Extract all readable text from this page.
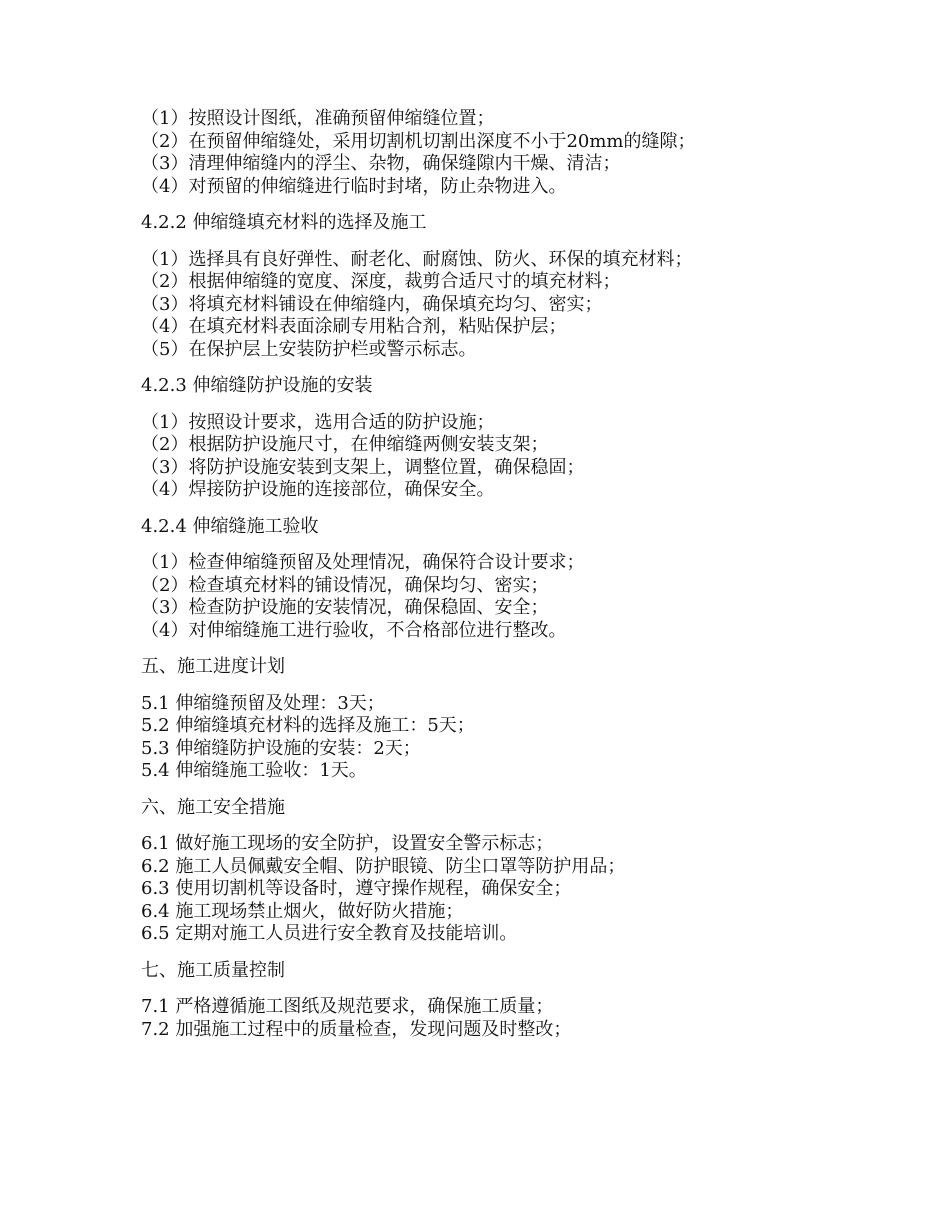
（1）按照设计图纸，准确预留伸缩缝位置；
（2）在预留伸缩缝处，采用切割机切割出深度不小于20mm的缝隙；
（3）清理伸缩缝内的浮尘、杂物，确保缝隙内干燥、清洁；
（4）对预留的伸缩缝进行临时封堵，防止杂物进入。
4.2.2 伸缩缝填充材料的选择及施工
（1）选择具有良好弹性、耐老化、耐腐蚀、防火、环保的填充材料；
（2）根据伸缩缝的宽度、深度，裁剪合适尺寸的填充材料；
（3）将填充材料铺设在伸缩缝内，确保填充均匀、密实；
（4）在填充材料表面涂刷专用粘合剂，粘贴保护层；
（5）在保护层上安装防护栏或警示标志。
4.2.3 伸缩缝防护设施的安装
（1）按照设计要求，选用合适的防护设施；
（2）根据防护设施尺寸，在伸缩缝两侧安装支架；
（3）将防护设施安装到支架上，调整位置，确保稳固；
（4）焊接防护设施的连接部位，确保安全。
4.2.4 伸缩缝施工验收
（1）检查伸缩缝预留及处理情况，确保符合设计要求；
（2）检查填充材料的铺设情况，确保均匀、密实；
（3）检查防护设施的安装情况，确保稳固、安全；
（4）对伸缩缝施工进行验收，不合格部位进行整改。
五、施工进度计划
5.1 伸缩缝预留及处理：3天；
5.2 伸缩缝填充材料的选择及施工：5天；
5.3 伸缩缝防护设施的安装：2天；
5.4 伸缩缝施工验收：1天。
六、施工安全措施
6.1 做好施工现场的安全防护，设置安全警示标志；
6.2 施工人员佩戴安全帽、防护眼镜、防尘口罩等防护用品；
6.3 使用切割机等设备时，遵守操作规程，确保安全；
6.4 施工现场禁止烟火，做好防火措施；
6.5 定期对施工人员进行安全教育及技能培训。
七、施工质量控制
7.1 严格遵循施工图纸及规范要求，确保施工质量；
7.2 加强施工过程中的质量检查，发现问题及时整改；
